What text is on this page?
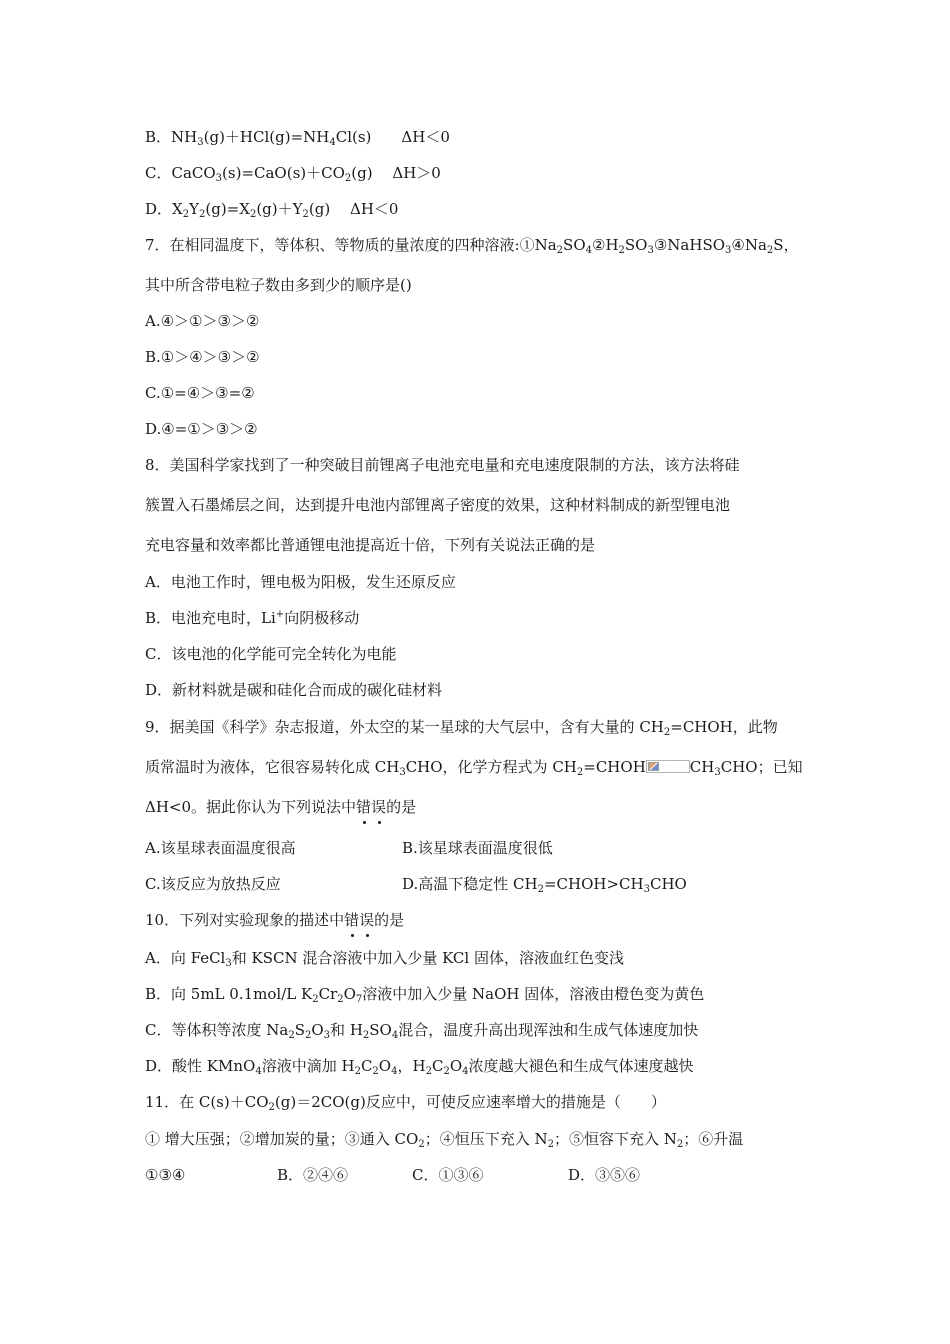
B．$NH_3(g)+HCl(g)=NH_4Cl(s)$　　ΔH＜0
C．$CaCO_3(s)=CaO(s)+CO_2(g)$　 ΔH＞0
D．$X_2Y_2(g)=X_2(g)+Y_2(g)$　 ΔH＜0
7．在相同温度下，等体积、等物质的量浓度的四种溶液$:①Na_2SO_4②H_2SO_3③NaHSO_3④Na_2S$，
其中所含带电粒子数由多到少的顺序是()
A.④＞①＞③＞②
B.①＞④＞③＞②
C.①=④＞③=②
D.④=①＞③＞②
8．美国科学家找到了一种突破目前锂离子电池充电量和充电速度限制的方法，该方法将硅
簇置入石墨烯层之间，达到提升电池内部锂离子密度的效果，这种材料制成的新型锂电池
充电容量和效率都比普通锂电池提高近十倍，下列有关说法正确的是
A．电池工作时，锂电极为阳极，发生还原反应
B．电池充电时，Li+向阴极移动
C．该电池的化学能可完全转化为电能
D．新材料就是碳和硅化合而成的碳化硅材料
9．据美国《科学》杂志报道，外太空的某一星球的大气层中，含有大量的 $CH_2=CHOH$，此物
质常温时为液体，它很容易转化成 $CH_3CHO$，化学方程式为 $CH_2=CHOH$	$CH_3CHO$；已知
ΔH<0。据此你认为下列说法中错误的是
A.该星球表面温度很高	B.该星球表面温度很低
C.该反应为放热反应	D.高温下稳定性 $CH_2=CHOH>CH_3CHO$
10．下列对实验现象的描述中错误的是
A．向 FeCl$_3$和 KSCN 混合溶液中加入少量 KCl 固体，溶液血红色变浅
B．向 5mL 0.1mol/L $K_2Cr_2O_7$溶液中加入少量 NaOH 固体，溶液由橙色变为黄色
C．等体积等浓度 $Na_2S_2O_3$和 $H_2SO_4$混合，温度升高出现浑浊和生成气体速度加快
D．酸性 KMnO$_4$溶液中滴加 $H_2C_2O_4$，$H_2C_2O_4$浓度越大褪色和生成气体速度越快
11．在 $C(s)+CO_2(g)=2CO(g)$反应中，可使反应速率增大的措施是（　　）
① 增大压强；②增加炭的量；③通入 $CO_2$；④恒压下充入 $N_2$；⑤恒容下充入 $N_2$；⑥升温
①③④	B．②④⑥	C．①③⑥	D．③⑤⑥
